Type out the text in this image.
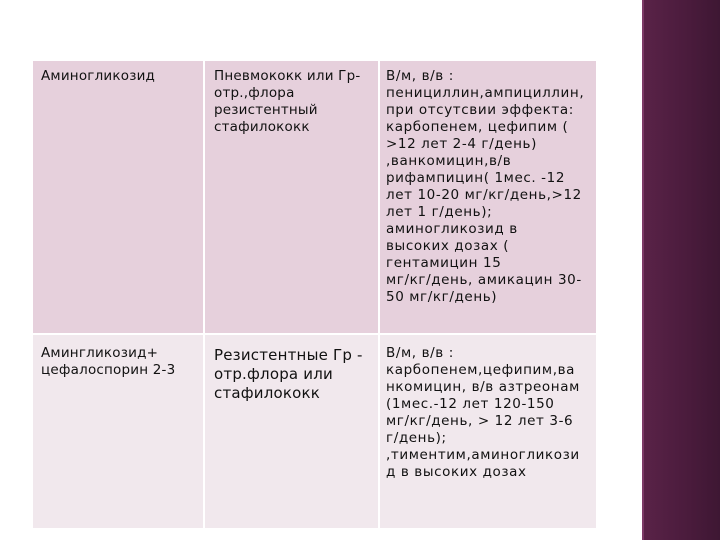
Аминогликозид	Пневмококк или Гр-
отр.,флора
резистентный
стафилококк
В/м, в/в :
пенициллин,ампициллин,
при отсутсвии эффекта:
карбопенем, цефипим (
>12 лет 2-4 г/день)
,ванкомицин,в/в
рифампицин( 1мес. -12
лет 10-20 мг/кг/день,>12
лет 1 г/день);
аминогликозид в
высоких дозах (
гентамицин 15
мг/кг/день, амикацин 30-
50 мг/кг/день)
Амингликозид+
цефалоспорин 2-3
Резистентные Гр -
отр.флора или
стафилококк
В/м, в/в :
карбопенем,цефипим,ва
нкомицин, в/в азтреонам
(1мес.-12 лет 120-150
мг/кг/день, > 12 лет 3-6
г/день);
,тиментим,аминогликози
д в высоких дозах
